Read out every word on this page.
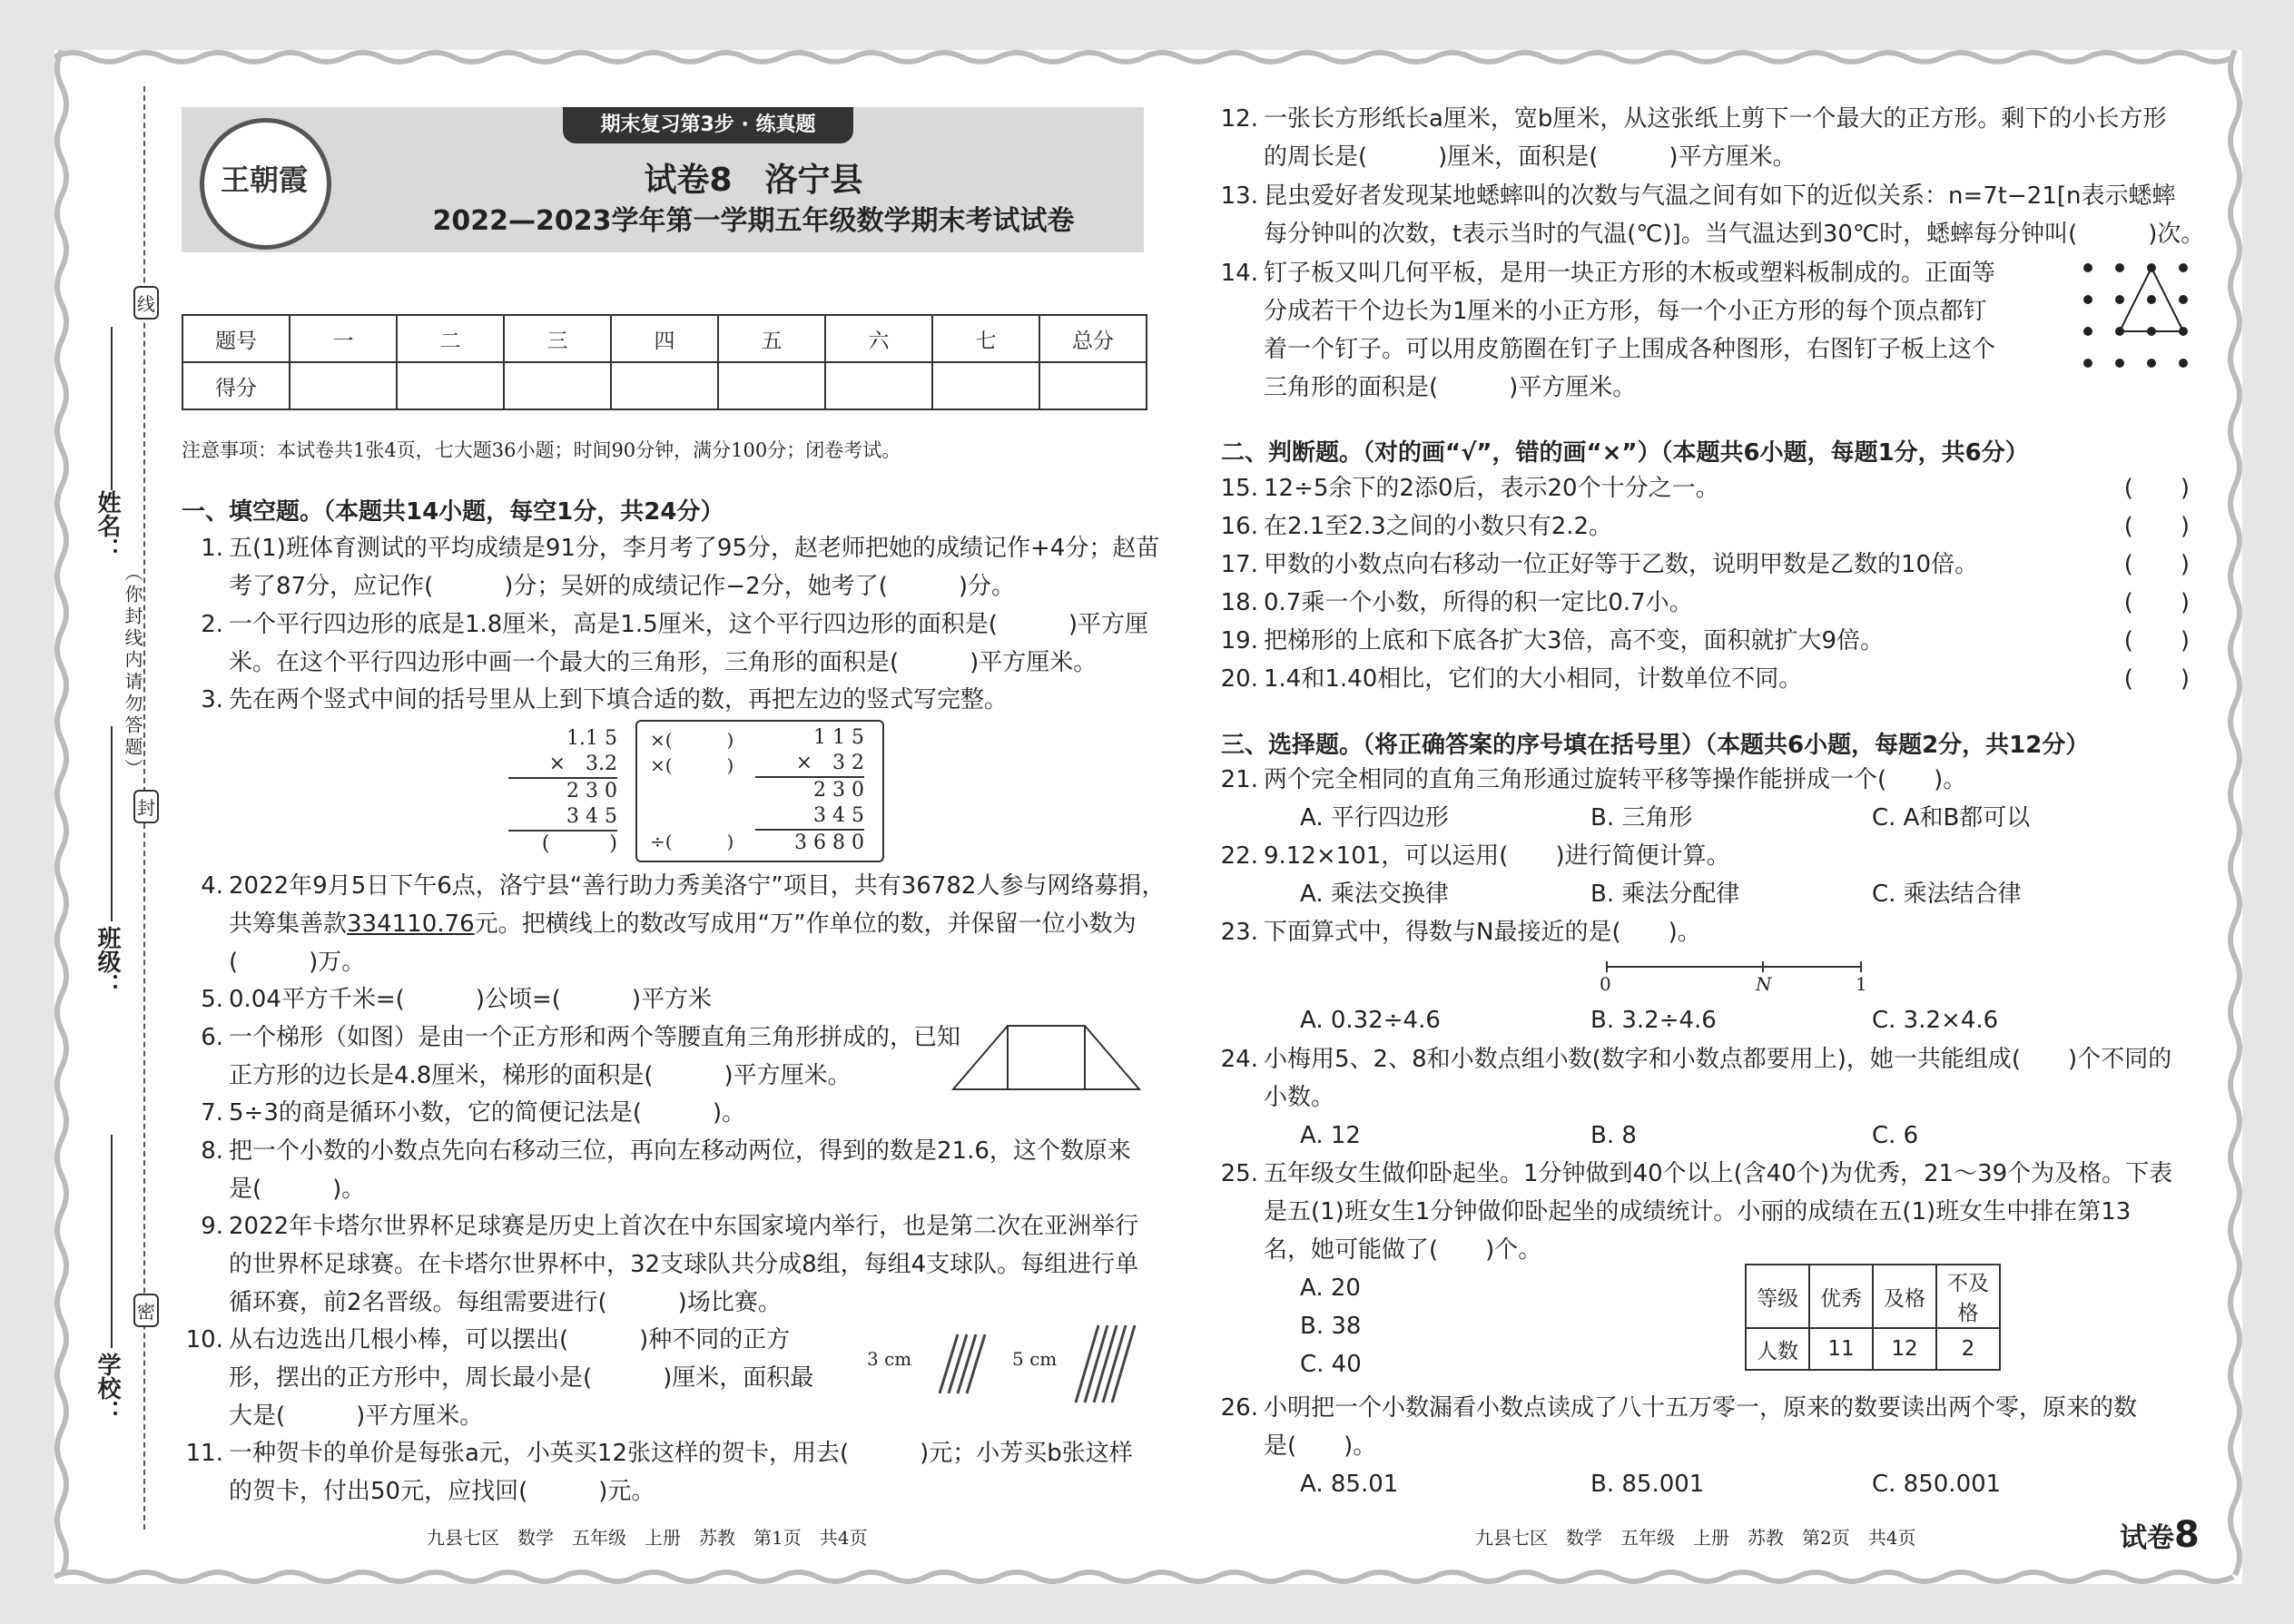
线
封
密
（你封线内请勿答题）
姓名：
班级：
学校：
期末复习第3步 · 练真题
王朝霞	试卷8　洛宁县
2022—2023学年第一学期五年级数学期末考试试卷
题号	一	二	三	四	五	六	七	总分
得分								
注意事项：本试卷共1张4页，七大题36小题；时间90分钟，满分100分；闭卷考试。
一、填空题。（本题共14小题，每空1分，共24分）
1. 五(1)班体育测试的平均成绩是91分，李月考了95分，赵老师把她的成绩记作+4分；赵苗
考了87分，应记作(　　　)分；吴妍的成绩记作−2分，她考了(　　　)分。
2. 一个平行四边形的底是1.8厘米，高是1.5厘米，这个平行四边形的面积是(　　　)平方厘
米。在这个平行四边形中画一个最大的三角形，三角形的面积是(　　　)平方厘米。
3. 先在两个竖式中间的括号里从上到下填合适的数，再把左边的竖式写完整。
1.1 5
×　3.2
2 3 0
3 4 5
(　　　)
×(　　　)
×(　　　)
÷(　　　)
1 1 5
×　3 2
2 3 0
3 4 5
3 6 8 0
4. 2022年9月5日下午6点，洛宁县“善行助力秀美洛宁”项目，共有36782人参与网络募捐，
共筹集善款334110.76元。把横线上的数改写成用“万”作单位的数，并保留一位小数为
(　　　)万。
5. 0.04平方千米=(　　　)公顷=(　　　)平方米
6. 一个梯形（如图）是由一个正方形和两个等腰直角三角形拼成的，已知
正方形的边长是4.8厘米，梯形的面积是(　　　)平方厘米。
7. 5÷3的商是循环小数，它的简便记法是(　　　)。
8. 把一个小数的小数点先向右移动三位，再向左移动两位，得到的数是21.6，这个数原来
是(　　　)。
9. 2022年卡塔尔世界杯足球赛是历史上首次在中东国家境内举行，也是第二次在亚洲举行
的世界杯足球赛。在卡塔尔世界杯中，32支球队共分成8组，每组4支球队。每组进行单
循环赛，前2名晋级。每组需要进行(　　　)场比赛。
10. 从右边选出几根小棒，可以摆出(　　　)种不同的正方
形，摆出的正方形中，周长最小是(　　　)厘米，面积最
大是(　　　)平方厘米。
3 cm	5 cm
11. 一种贺卡的单价是每张a元，小英买12张这样的贺卡，用去(　　　)元；小芳买b张这样
的贺卡，付出50元，应找回(　　　)元。
九县七区　数学　五年级　上册　苏教　第1页　共4页
12. 一张长方形纸长a厘米，宽b厘米，从这张纸上剪下一个最大的正方形。剩下的小长方形
的周长是(　　　)厘米，面积是(　　　)平方厘米。
13. 昆虫爱好者发现某地蟋蟀叫的次数与气温之间有如下的近似关系：n=7t−21[n表示蟋蟀
每分钟叫的次数，t表示当时的气温(℃)]。当气温达到30℃时，蟋蟀每分钟叫(　　　)次。
14. 钉子板又叫几何平板，是用一块正方形的木板或塑料板制成的。正面等
分成若干个边长为1厘米的小正方形，每一个小正方形的每个顶点都钉
着一个钉子。可以用皮筋圈在钉子上围成各种图形，右图钉子板上这个
三角形的面积是(　　　)平方厘米。
二、判断题。（对的画“√”，错的画“×”）（本题共6小题，每题1分，共6分）
15. 12÷5余下的2添0后，表示20个十分之一。	(　　)
16. 在2.1至2.3之间的小数只有2.2。	(　　)
17. 甲数的小数点向右移动一位正好等于乙数，说明甲数是乙数的10倍。	(　　)
18. 0.7乘一个小数，所得的积一定比0.7小。	(　　)
19. 把梯形的上底和下底各扩大3倍，高不变，面积就扩大9倍。	(　　)
20. 1.4和1.40相比，它们的大小相同，计数单位不同。	(　　)
三、选择题。（将正确答案的序号填在括号里）（本题共6小题，每题2分，共12分）
21. 两个完全相同的直角三角形通过旋转平移等操作能拼成一个(　　)。
A. 平行四边形	B. 三角形	C. A和B都可以
22. 9.12×101，可以运用(　　)进行简便计算。
A. 乘法交换律	B. 乘法分配律	C. 乘法结合律
23. 下面算式中，得数与N最接近的是(　　)。
0	N	1
A. 0.32÷4.6	B. 3.2÷4.6	C. 3.2×4.6
24. 小梅用5、2、8和小数点组小数(数字和小数点都要用上)，她一共能组成(　　)个不同的
小数。
A. 12	B. 8	C. 6
25. 五年级女生做仰卧起坐。1分钟做到40个以上(含40个)为优秀，21～39个为及格。下表
是五(1)班女生1分钟做仰卧起坐的成绩统计。小丽的成绩在五(1)班女生中排在第13
名，她可能做了(　　)个。
A. 20
B. 38
C. 40
等级	优秀	及格	不及格
人数	11	12	2
26. 小明把一个小数漏看小数点读成了八十五万零一，原来的数要读出两个零，原来的数
是(　　)。
A. 85.01	B. 85.001	C. 850.001
九县七区　数学　五年级　上册　苏教　第2页　共4页	试卷8
